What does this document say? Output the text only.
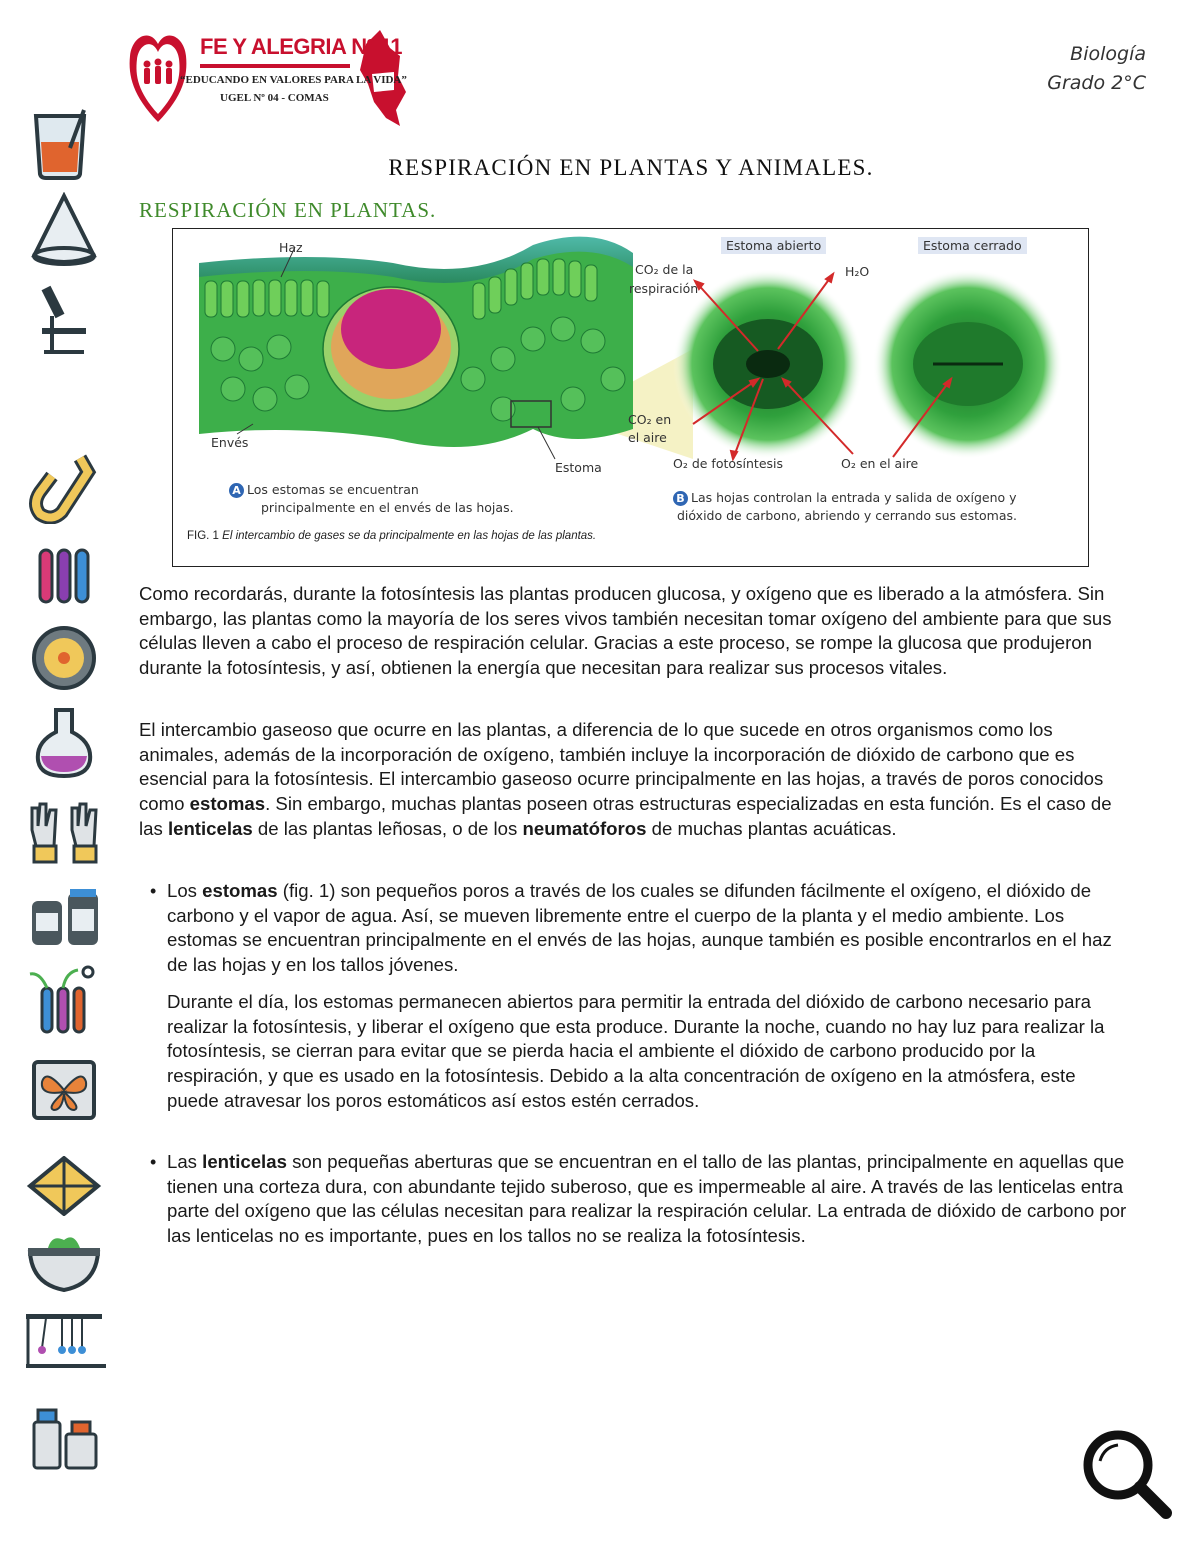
FE Y ALEGRIA Nº 11
“EDUCANDO EN VALORES PARA LA VIDA”
UGEL Nº 04 - COMAS
Biología
Grado 2°C
RESPIRACIÓN EN PLANTAS Y ANIMALES.
RESPIRACIÓN EN PLANTAS.
Haz
Envés
Estoma
Estoma abierto	Estoma cerrado
CO₂ de la
respiración
H₂O
CO₂ en
el aire
O₂ de fotosíntesis	O₂ en el aire
A Los estomas se encuentran
principalmente en el envés de las hojas.
B Las hojas controlan la entrada y salida de oxígeno y
dióxido de carbono, abriendo y cerrando sus estomas.
FIG. 1 El intercambio de gases se da principalmente en las hojas de las plantas.
Como recordarás, durante la fotosíntesis las plantas producen glucosa, y oxígeno que es liberado a la atmósfera. Sin embargo, las plantas como la mayoría de los seres vivos también necesitan tomar oxígeno del ambiente para que sus células lleven a cabo el proceso de respiración celular. Gracias a este proceso, se rompe la glucosa que produjeron durante la fotosíntesis, y así, obtienen la energía que necesitan para realizar sus procesos vitales.
El intercambio gaseoso que ocurre en las plantas, a diferencia de lo que sucede en otros organismos como los animales, además de la incorporación de oxígeno, también incluye la incorporación de dióxido de carbono que es esencial para la fotosíntesis. El intercambio gaseoso ocurre principalmente en las hojas, a través de poros conocidos como estomas. Sin embargo, muchas plantas poseen otras estructuras especializadas en esta función. Es el caso de las lenticelas de las plantas leñosas, o de los neumatóforos de muchas plantas acuáticas.
• Los estomas (fig. 1) son pequeños poros a través de los cuales se difunden fácilmente el oxígeno, el dióxido de carbono y el vapor de agua. Así, se mueven libremente entre el cuerpo de la planta y el medio ambiente. Los estomas se encuentran principalmente en el envés de las hojas, aunque también es posible encontrarlos en el haz de las hojas y en los tallos jóvenes.
Durante el día, los estomas permanecen abiertos para permitir la entrada del dióxido de carbono necesario para realizar la fotosíntesis, y liberar el oxígeno que esta produce. Durante la noche, cuando no hay luz para realizar la fotosíntesis, se cierran para evitar que se pierda hacia el ambiente el dióxido de carbono producido por la respiración, y que es usado en la fotosíntesis. Debido a la alta concentración de oxígeno en la atmósfera, este puede atravesar los poros estomáticos así estos estén cerrados.
• Las lenticelas son pequeñas aberturas que se encuentran en el tallo de las plantas, principalmente en aquellas que tienen una corteza dura, con abundante tejido suberoso, que es impermeable al aire. A través de las lenticelas entra parte del oxígeno que las células necesitan para realizar la respiración celular. La entrada de dióxido de carbono por las lenticelas no es importante, pues en los tallos no se realiza la fotosíntesis.
